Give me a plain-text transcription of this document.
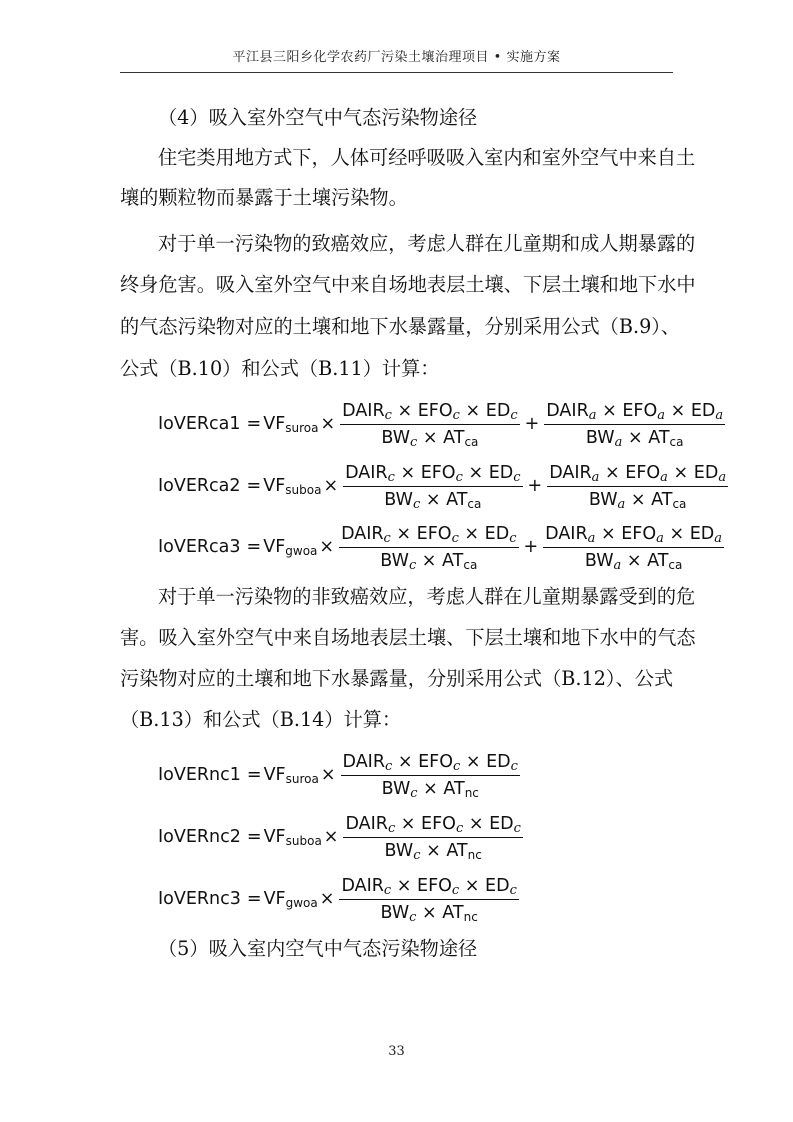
平江县三阳乡化学农药厂污染土壤治理项目 • 实施方案
（4）吸入室外空气中气态污染物途径
住宅类用地方式下，人体可经呼吸吸入室内和室外空气中来自土
壤的颗粒物而暴露于土壤污染物。
对于单一污染物的致癌效应，考虑人群在儿童期和成人期暴露的
终身危害。吸入室外空气中来自场地表层土壤、下层土壤和地下水中
的气态污染物对应的土壤和地下水暴露量，分别采用公式（B.9）、
公式（B.10）和公式（B.11）计算：
IoVERca1 = $VF_{suroa} \times \frac{DAIR_c \times EFO_c \times ED_c}{BW_c \times AT_{ca}} + \frac{DAIR_a \times EFO_a \times ED_a}{BW_a \times AT_{ca}}$
IoVERca2 = $VF_{suboa} \times \frac{DAIR_c \times EFO_c \times ED_c}{BW_c \times AT_{ca}} + \frac{DAIR_a \times EFO_a \times ED_a}{BW_a \times AT_{ca}}$
IoVERca3 = $VF_{gwoa} \times \frac{DAIR_c \times EFO_c \times ED_c}{BW_c \times AT_{ca}} + \frac{DAIR_a \times EFO_a \times ED_a}{BW_a \times AT_{ca}}$
对于单一污染物的非致癌效应，考虑人群在儿童期暴露受到的危
害。吸入室外空气中来自场地表层土壤、下层土壤和地下水中的气态
污染物对应的土壤和地下水暴露量，分别采用公式（B.12）、公式
（B.13）和公式（B.14）计算：
IoVERnc1 = $VF_{suroa} \times \frac{DAIR_c \times EFO_c \times ED_c}{BW_c \times AT_{nc}}$
IoVERnc2 = $VF_{suboa} \times \frac{DAIR_c \times EFO_c \times ED_c}{BW_c \times AT_{nc}}$
IoVERnc3 = $VF_{gwoa} \times \frac{DAIR_c \times EFO_c \times ED_c}{BW_c \times AT_{nc}}$
（5）吸入室内空气中气态污染物途径
33
